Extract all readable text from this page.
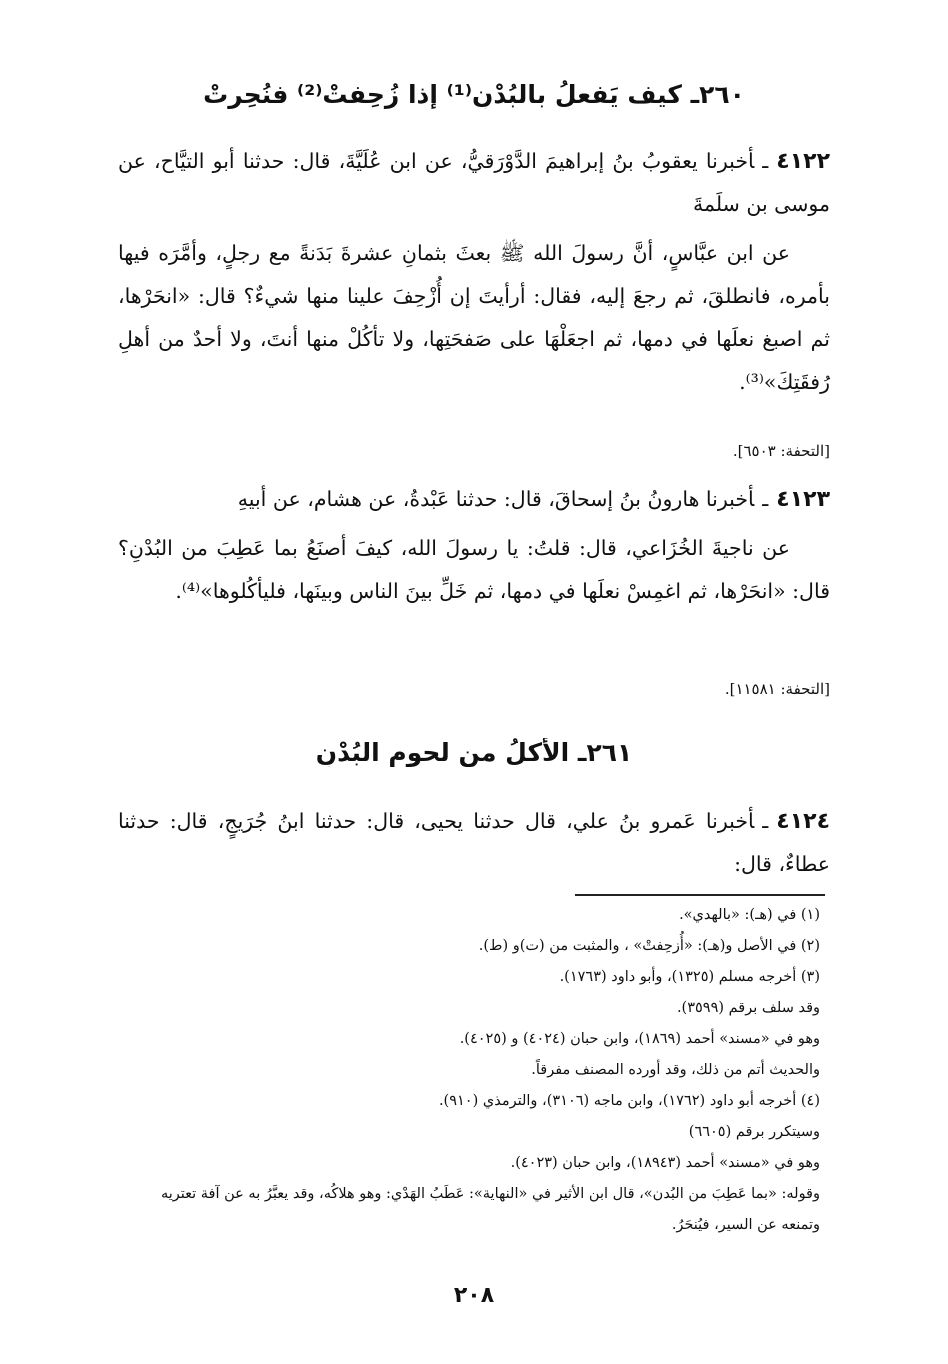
٢٦٠ـ كيف يَفعلُ بالبُدْنِ⁽¹⁾ إذا زُحِفتْ⁽²⁾ فنُحِرتْ
٤١٢٢ـأخبرنا يعقوبُ بنُ إبراهيمَ الدَّوْرَقيُّ، عن ابن عُلَيَّةَ، قال: حدثنا أبو التيَّاح، عن موسى بن سلَمةَ
عن ابن عبَّاسٍ، أنَّ رسولَ الله ﷺ بعثَ بثمانِ عشرةَ بَدَنةً مع رجلٍ، وأمَّرَه فيها بأمره، فانطلقَ، ثم رجعَ إليه، فقال: أرأيتَ إن أُزْحِفَ علينا منها شيءٌ؟ قال: «انحَرْها، ثم اصبغ نعلَها في دمها، ثم اجعَلْهَا على صَفحَتِها، ولا تأكُلْ منها أنتَ، ولا أحدٌ من أهلِ رُفقَتِكَ»⁽³⁾.
[التحفة: ٦٥٠٣].
٤١٢٣ـأخبرنا هارونُ بنُ إسحاقَ، قال: حدثنا عَبْدةُ، عن هشام، عن أبيهِ
عن ناجيةَ الخُزَاعي، قال: قلتُ: يا رسولَ الله، كيفَ أصنَعُ بما عَطِبَ من البُدْنِ؟ قال: «انحَرْها، ثم اغمِسْ نعلَها في دمها، ثم خَلِّ بينَ الناس وبينَها، فليأكُلوها»⁽⁴⁾.
[التحفة: ١١٥٨١].
٢٦١ـ الأكلُ من لحومِ البُدْنِ
٤١٢٤ـأخبرنا عَمرو بنُ علي، قال حدثنا يحيى، قال: حدثنا ابنُ جُرَيجٍ، قال: حدثنا عطاءٌ، قال:
(١) في (هـ): «بالهدي».
(٢) في الأصل و(هـ): «أُزحِفتْ» ، والمثبت من (ت)و (ط).
(٣) أخرجه مسلم (١٣٢٥)، وأبو داود (١٧٦٣).
وقد سلف برقم (٣٥٩٩).
وهو في «مسند» أحمد (١٨٦٩)، وابن حبان (٤٠٢٤) و (٤٠٢٥).
والحديث أتم من ذلك، وقد أورده المصنف مفرقاً.
(٤) أخرجه أبو داود (١٧٦٢)، وابن ماجه (٣١٠٦)، والترمذي (٩١٠).
وسيتكرر برقم (٦٦٠٥)
وهو في «مسند» أحمد (١٨٩٤٣)، وابن حبان (٤٠٢٣).
وقوله: «بما عَطِبَ من البُدن»، قال ابن الأثير في «النهاية»: عَطَبُ الهَدْي: وهو هلاكُه، وقد يعبَّرُ به عن آفة تعتريه وتمنعه عن السير، فيُنحَرُ.
٢٠٨
